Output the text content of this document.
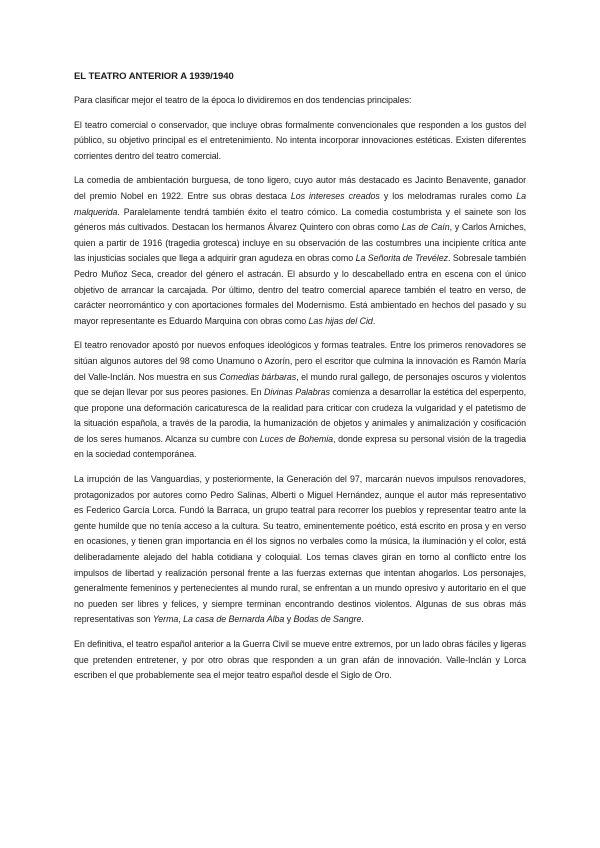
EL TEATRO ANTERIOR A 1939/1940

Para clasificar mejor el teatro de la época lo dividiremos en dos tendencias principales:

El teatro comercial o conservador, que incluye obras formalmente convencionales que responden a los gustos del público, su objetivo principal es el entretenimiento. No intenta incorporar innovaciones estéticas. Existen diferentes corrientes dentro del teatro comercial.

La comedia de ambientación burguesa, de tono ligero, cuyo autor más destacado es Jacinto Benavente, ganador del premio Nobel en 1922. Entre sus obras destaca Los intereses creados y los melodramas rurales como La malquerida. Paralelamente tendrá también éxito el teatro cómico. La comedia costumbrista y el sainete son los géneros más cultivados. Destacan los hermanos Álvarez Quintero con obras como Las de Caín, y Carlos Arniches, quien a partir de 1916 (tragedia grotesca) incluye en su observación de las costumbres una incipiente crítica ante las injusticias sociales que llega a adquirir gran agudeza en obras como La Señorita de Trevélez. Sobresale también Pedro Muñoz Seca, creador del género el astracán. El absurdo y lo descabellado entra en escena con el único objetivo de arrancar la carcajada. Por último, dentro del teatro comercial aparece también el teatro en verso, de carácter neorromántico y con aportaciones formales del Modernismo. Está ambientado en hechos del pasado y su mayor representante es Eduardo Marquina con obras como Las hijas del Cid.

El teatro renovador apostó por nuevos enfoques ideológicos y formas teatrales. Entre los primeros renovadores se sitúan algunos autores del 98 como Unamuno o Azorín, pero el escritor que culmina la innovación es Ramón María del Valle-Inclán. Nos muestra en sus Comedias bárbaras, el mundo rural gallego, de personajes oscuros y violentos que se dejan llevar por sus peores pasiones. En Divinas Palabras comienza a desarrollar la estética del esperpento, que propone una deformación caricaturesca de la realidad para criticar con crudeza la vulgaridad y el patetismo de la situación española, a través de la parodia, la humanización de objetos y animales y animalización y cosificación de los seres humanos. Alcanza su cumbre con Luces de Bohemia, donde expresa su personal visión de la tragedia en la sociedad contemporánea.

La irrupción de las Vanguardias, y posteriormente, la Generación del 97, marcarán nuevos impulsos renovadores, protagonizados por autores como Pedro Salinas, Alberti o Miguel Hernández, aunque el autor más representativo es Federico García Lorca. Fundó la Barraca, un grupo teatral para recorrer los pueblos y representar teatro ante la gente humilde que no tenía acceso a la cultura. Su teatro, eminentemente poético, está escrito en prosa y en verso en ocasiones, y tienen gran importancia en él los signos no verbales como la música, la iluminación y el color, está deliberadamente alejado del habla cotidiana y coloquial. Los temas claves giran en torno al conflicto entre los impulsos de libertad y realización personal frente a las fuerzas externas que intentan ahogarlos. Los personajes, generalmente femeninos y pertenecientes al mundo rural, se enfrentan a un mundo opresivo y autoritario en el que no pueden ser libres y felices, y siempre terminan encontrando destinos violentos. Algunas de sus obras más representativas son Yerma, La casa de Bernarda Alba y Bodas de Sangre.

En definitiva, el teatro español anterior a la Guerra Civil se mueve entre extremos, por un lado obras fáciles y ligeras que pretenden entretener, y por otro obras que responden a un gran afán de innovación. Valle-Inclán y Lorca escriben el que probablemente sea el mejor teatro español desde el Siglo de Oro.
